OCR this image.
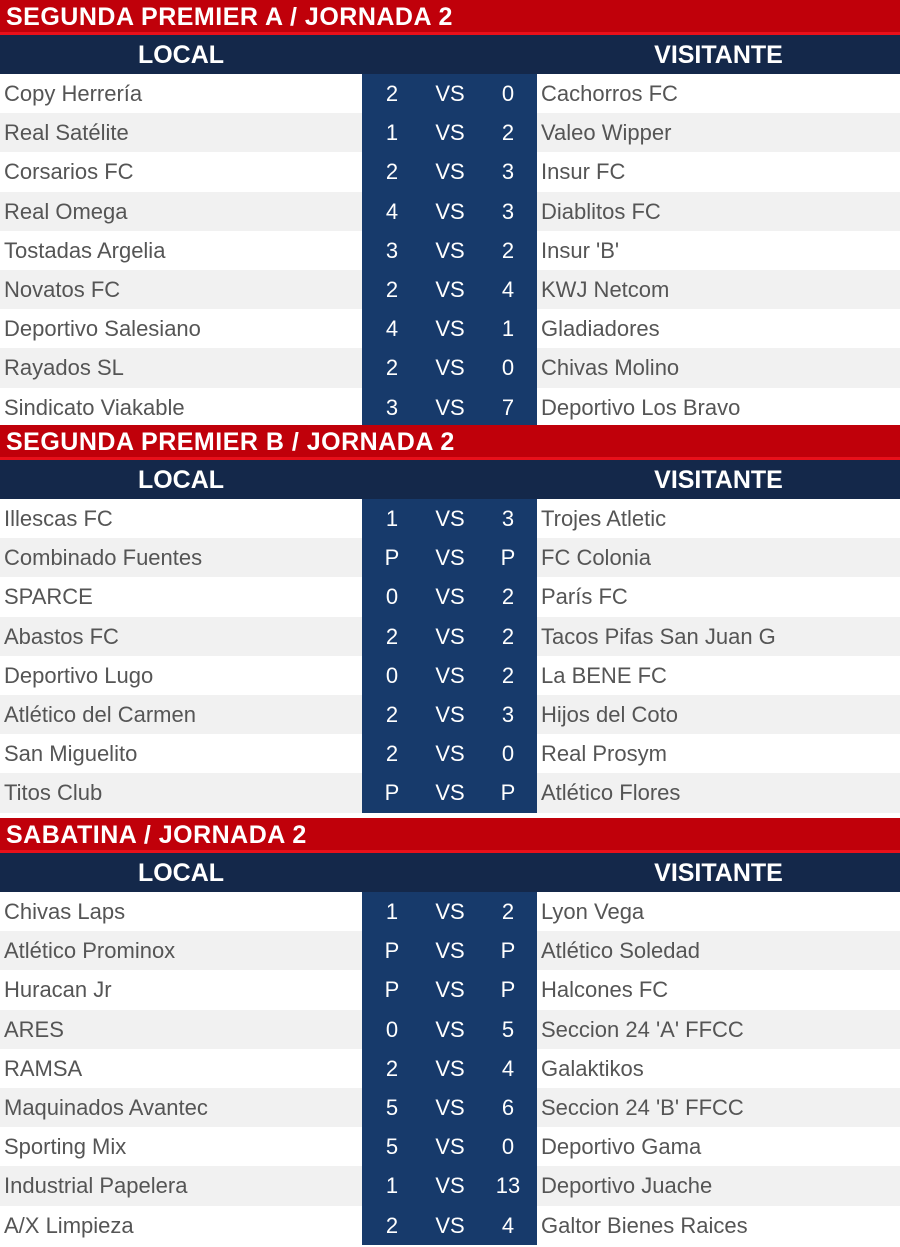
SEGUNDA PREMIER A / JORNADA 2
LOCAL	VISITANTE
Copy Herrería	2	VS	0	Cachorros FC
Real Satélite	1	VS	2	Valeo Wipper
Corsarios FC	2	VS	3	Insur FC
Real Omega	4	VS	3	Diablitos FC
Tostadas Argelia	3	VS	2	Insur 'B'
Novatos FC	2	VS	4	KWJ Netcom
Deportivo Salesiano	4	VS	1	Gladiadores
Rayados SL	2	VS	0	Chivas Molino
Sindicato Viakable	3	VS	7	Deportivo Los Bravo
SEGUNDA PREMIER B / JORNADA 2
LOCAL	VISITANTE
Illescas FC	1	VS	3	Trojes Atletic
Combinado Fuentes	P	VS	P	FC Colonia
SPARCE	0	VS	2	París FC
Abastos FC	2	VS	2	Tacos Pifas San Juan G
Deportivo Lugo	0	VS	2	La BENE FC
Atlético del Carmen	2	VS	3	Hijos del Coto
San Miguelito	2	VS	0	Real Prosym
Titos Club	P	VS	P	Atlético Flores
SABATINA / JORNADA 2
LOCAL	VISITANTE
Chivas Laps	1	VS	2	Lyon Vega
Atlético Prominox	P	VS	P	Atlético Soledad
Huracan Jr	P	VS	P	Halcones FC
ARES	0	VS	5	Seccion 24 'A' FFCC
RAMSA	2	VS	4	Galaktikos
Maquinados Avantec	5	VS	6	Seccion 24 'B' FFCC
Sporting Mix	5	VS	0	Deportivo Gama
Industrial Papelera	1	VS	13 Deportivo Juache
A/X Limpieza	2	VS	4	Galtor Bienes Raices
